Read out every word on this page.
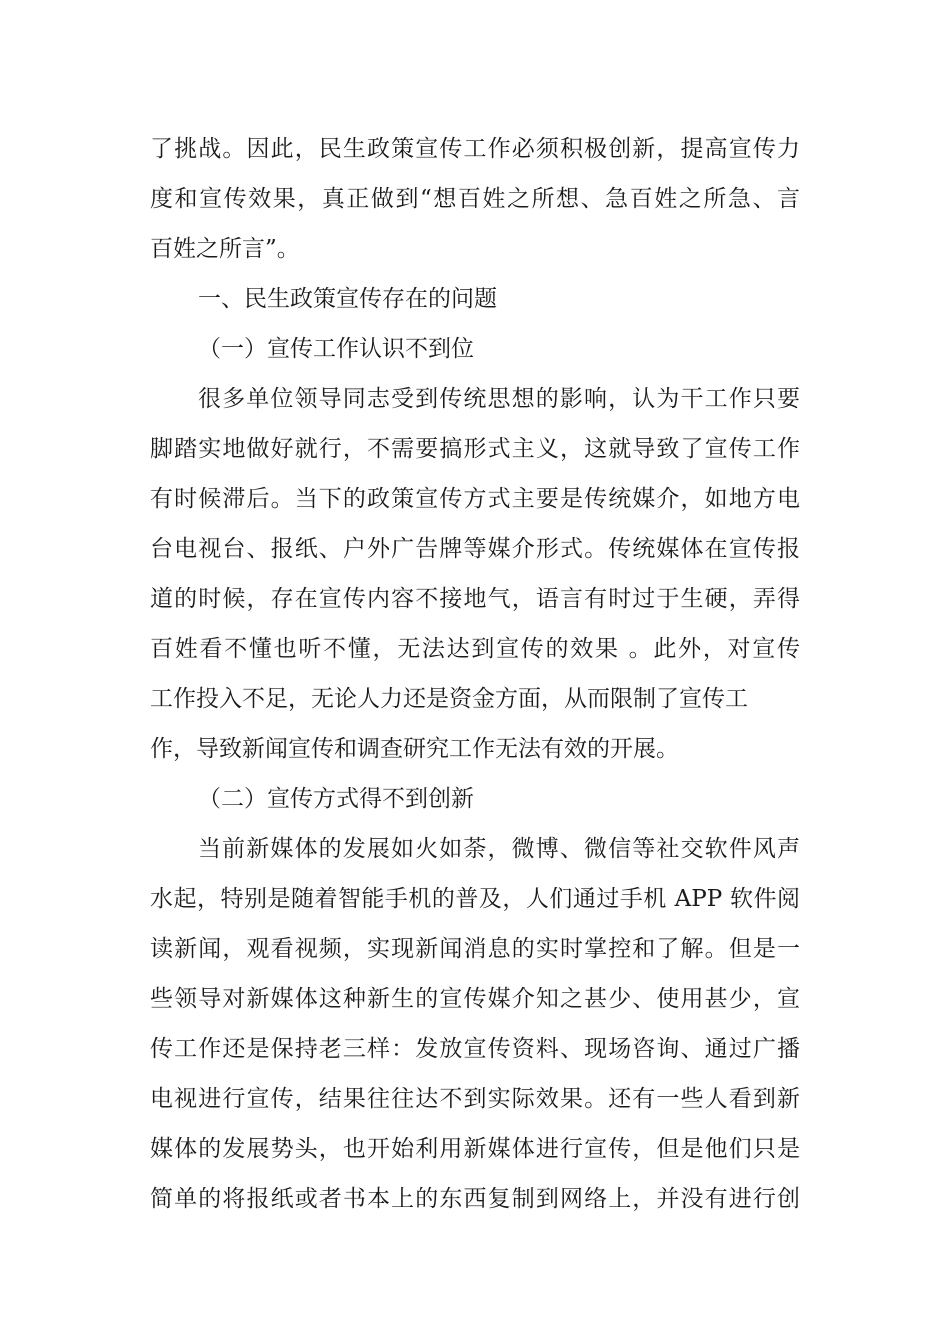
了挑战。因此，民生政策宣传工作必须积极创新，提高宣传力
度和宣传效果，真正做到“想百姓之所想、急百姓之所急、言
百姓之所言”。
一、民生政策宣传存在的问题
（一）宣传工作认识不到位
很多单位领导同志受到传统思想的影响，认为干工作只要
脚踏实地做好就行，不需要搞形式主义，这就导致了宣传工作
有时候滞后。当下的政策宣传方式主要是传统媒介，如地方电
台电视台、报纸、户外广告牌等媒介形式。传统媒体在宣传报
道的时候，存在宣传内容不接地气，语言有时过于生硬，弄得
百姓看不懂也听不懂，无法达到宣传的效果 。此外，对宣传
工作投入不足，无论人力还是资金方面，从而限制了宣传工
作，导致新闻宣传和调查研究工作无法有效的开展。
（二）宣传方式得不到创新
当前新媒体的发展如火如荼，微博、微信等社交软件风声
水起，特别是随着智能手机的普及，人们通过手机 APP 软件阅
读新闻，观看视频，实现新闻消息的实时掌控和了解。但是一
些领导对新媒体这种新生的宣传媒介知之甚少、使用甚少，宣
传工作还是保持老三样：发放宣传资料、现场咨询、通过广播
电视进行宣传，结果往往达不到实际效果。还有一些人看到新
媒体的发展势头，也开始利用新媒体进行宣传，但是他们只是
简单的将报纸或者书本上的东西复制到网络上，并没有进行创
